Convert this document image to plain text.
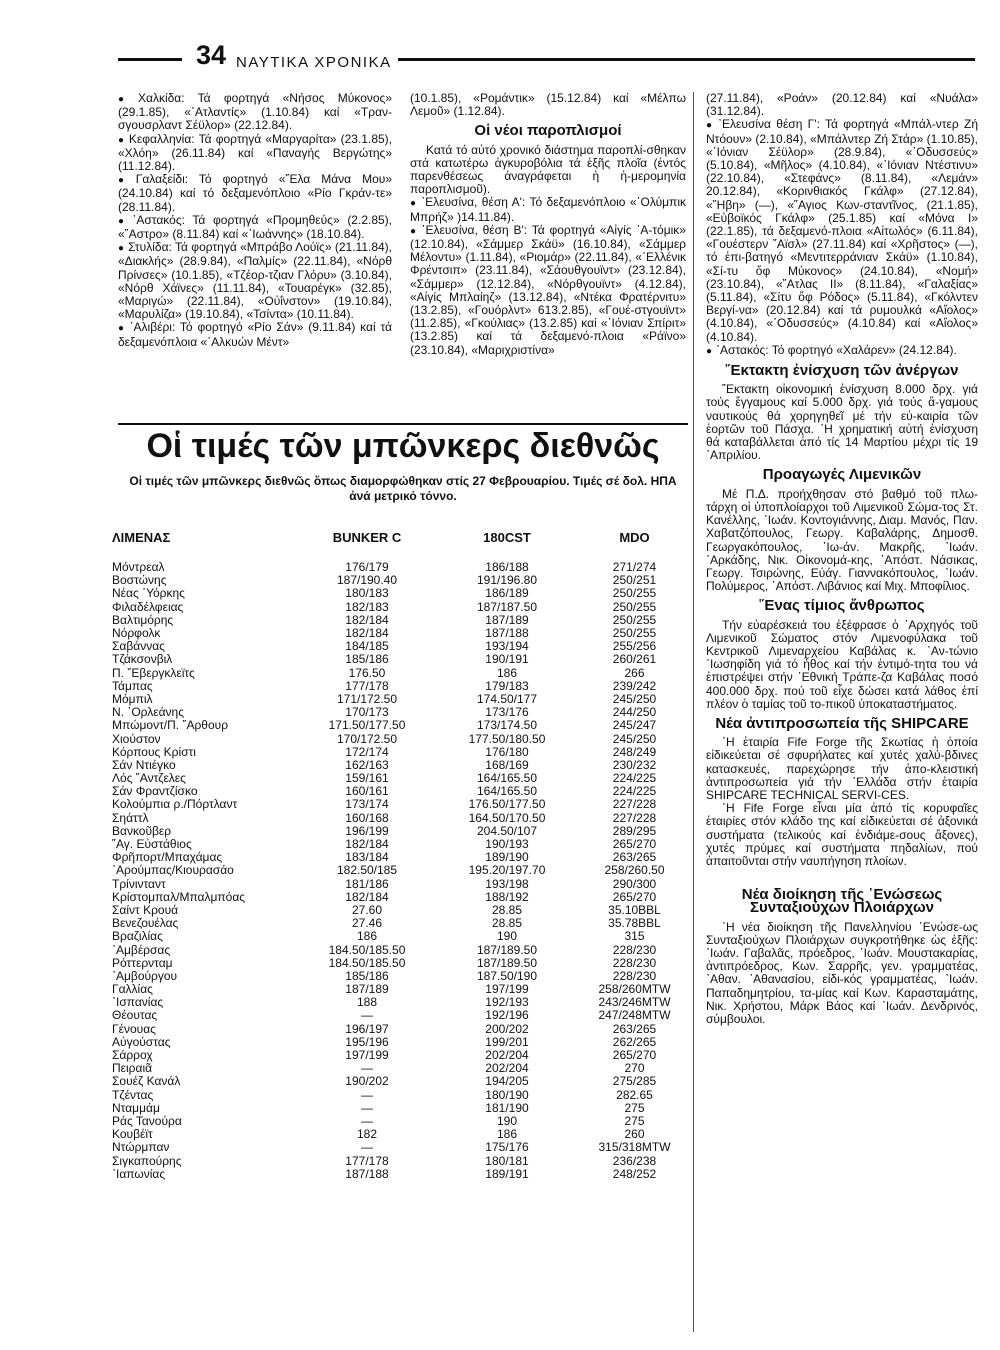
34 ΝΑΥΤΙΚΑ ΧΡΟΝΙΚΑ

● Χαλκίδα: Τά φορτηγά «Νήσος Μύκονος» (29.1.85), «᾿Ατλαντίς» (1.10.84) καί «Τραν-σγουσρλαντ Σέϋλορ» (22.12.84).

● Κεφαλληνία: Τά φορτηγά «Μαργαρίτα» (23.1.85), «Χλόη» (26.11.84) καί «Παναγής Βεργώτης» (11.12.84).

● Γαλαξείδι: Τό φορτηγό «῎Ελα Μάνα Μου» (24.10.84) καί τό δεξαμενόπλοιο «Ρίο Γκράν-τε» (28.11.84).

● ᾿Αστακός: Τά φορτηγά «Προμηθεύς» (2.2.85), «῎Αστρο» (8.11.84) καί «᾿Ιωάννης» (18.10.84).

● Στυλίδα: Τά φορτηγά «Μπράβο Λούϊς» (21.11.84), «Διακλής» (28.9.84), «Παλμίς» (22.11.84), «Νόρθ Πρίνσες» (10.1.85), «Τζέορ-τζιαν Γλόρυ» (3.10.84), «Νόρθ Χάϊνες» (11.11.84), «Τουαρέγκ» (32.85), «Μαριγώ» (22.11.84), «Οὐΐνστον» (19.10.84), «Μαρυλίζα» (19.10.84), «Τσίντα» (10.11.84).

● ᾿Αλιβέρι: Τό φορτηγό «Ρίο Σάν» (9.11.84) καί τά δεξαμενόπλοια «᾿Αλκυών Μέντ»

(10.1.85), «Ρομάντικ» (15.12.84) καί «Μέλπω Λεμοῦ» (1.12.84).

Οἱ νέοι παροπλισμοί

Κατά τό αὐτό χρονικό διάστημα παροπλί-σθηκαν στά κατωτέρω ἀγκυροβόλια τά ἑξῆς πλοῖα (ἐντός παρενθέσεως ἀναγράφεται ἡ ἡ-μερομηνία παροπλισμοῦ).

● ᾿Ελευσίνα, θέση Α': Τό δεξαμενόπλοιο «᾿Ολύμπικ Μπρήζ» )14.11.84).

● ᾿Ελευσίνα, θέση Β': Τά φορτηγά «Αἰγίς ᾿Α-τόμικ» (12.10.84), «Σάμμερ Σκάϋ» (16.10.84), «Σάμμερ Μέλοντυ» (1.11.84), «Ριομάρ» (22.11.84), «᾿Ελλένικ Φρέντσιπ» (23.11.84), «Σάουθγουϊντ» (23.12.84), «Σάμμερ» (12.12.84), «Νόρθγουϊντ» (4.12.84), «Αἰγίς Μπλαίηζ» (13.12.84), «Ντέκα Φρατέρνιτυ» (13.2.85), «Γουόρλντ» 613.2.85), «Γουέ-στγουϊντ» (11.2.85), «Γκούλιας» (13.2.85) καί «᾿Ιόνιαν Σπίριτ» (13.2.85) καί τά δεξαμενό-πλοια «Ράϊνο» (23.10.84), «Μαριχριστίνα»

(27.11.84), «Ροάν» (20.12.84) καί «Νυάλα» (31.12.84).

● ᾿Ελευσίνα θέση Γ': Τά φορτηγά «Μπάλ-ντερ Ζή Ντόουν» (2.10.84), «Μπάλντερ Ζή Στάρ» (1.10.85), «᾿Ιόνιαν Σέϋλορ» (28.9.84), «᾿Οδυσσεύς» (5.10.84), «Μῆλος» (4.10.84), «᾿Ιόνιαν Ντέστινυ» (22.10.84), «Στεφάνς» (8.11.84), «Λεμάν» 20.12.84), «Κορινθιακός Γκάλφ» (27.12.84), «῞Ηβη» (—), «῞Αγιος Κων-σταντῖνος, (21.1.85), «Εὐβοϊκός Γκάλφ» (25.1.85) καί «Μόνα Ι» (22.1.85), τά δεξαμενό-πλοια «Αἰτωλός» (6.11.84), «Γουέστερν ῎Αϊσλ» (27.11.84) καί «Χρῆστος» (—), τό ἐπι-βατηγό «Μεντιτερράνιαν Σκάϋ» (1.10.84), «Σί-τυ ὄφ Μύκονος» (24.10.84), «Νομή» (23.10.84), «῎Ατλας ΙΙ» (8.11.84), «Γαλαξίας» (5.11.84), «Σίτυ ὄφ Ρόδος» (5.11.84), «Γκόλντεν Βεργί-να» (20.12.84) καί τά ρυμουλκά «Αἴολος» (4.10.84), «᾿Οδυσσεύς» (4.10.84) καί «Αἴολος» (4.10.84).

● ᾿Αστακός: Τό φορτηγό «Χαλάρεν» (24.12.84).

῎Εκτακτη ἐνίσχυση τῶν ἀνέργων

῎Εκτακτη οἰκονομική ἐνίσχυση 8.000 δρχ. γιά τούς ἔγγαμους καί 5.000 δρχ. γιά τούς ἄ-γαμους ναυτικούς θά χορηγηθεῖ μέ τήν εὐ-καιρία τῶν ἑορτῶν τοῦ Πάσχα. ῾Η χρηματική αὐτή ἐνίσχυση θά καταβάλλεται ἀπό τίς 14 Μαρτίου μέχρι τίς 19 ᾿Απριλίου.

Προαγωγές Λιμενικῶν

Μέ Π.Δ. προήχθησαν στό βαθμό τοῦ πλω-τάρχη οἱ ὑποπλοίαρχοι τοῦ Λιμενικοῦ Σώμα-τος Στ. Κανέλλης, ᾿Ιωάν. Κοντογιάννης, Διαμ. Μανός, Παν. Χαβατζόπουλος, Γεωργ. Καβαλάρης, Δημοσθ. Γεωργακόπουλος, ᾿Ιω-άν. Μακρῆς, ᾿Ιωάν. ᾿Αρκάδης, Νικ. Οἰκονομά-κης, ᾿Απόστ. Νάσικας, Γεωργ. Τσιρώνης, Εὐάγ. Γιαννακόπουλος, ᾿Ιωάν. Πολύμερος, ᾿Απόστ. Λιβάνιος καί Μιχ. Μποφίλιος.

῞Ενας τίμιος ἄνθρωπος

Τήν εὐαρέσκειά του ἐξέφρασε ὁ ᾿Αρχηγός τοῦ Λιμενικοῦ Σώματος στόν Λιμενοφύλακα τοῦ Κεντρικοῦ Λιμεναρχείου Καβάλας κ. ᾿Αν-τώνιο ᾿Ιωσηφίδη γιά τό ἦθος καί τήν ἐντιμό-τητα του νά ἐπιστρέψει στήν ᾿Εθνική Τράπε-ζα Καβάλας ποσό 400.000 δρχ. πού τοῦ εἶχε δώσει κατά λάθος ἐπί πλέον ὁ ταμίας τοῦ το-πικοῦ ὑποκαταστήματος.

Νέα ἀντιπροσωπεία τῆς SHIPCARE

῾Η ἑταιρία Fife Forge τῆς Σκωτίας ἡ ὁποία εἰδικεύεται σέ σφυρήλατες καί χυτές χαλύ-βδινες κατασκευές, παρεχώρησε τήν ἀπο-κλειστική ἀντιπροσωπεία γιά τήν ᾿Ελλάδα στήν ἑταιρία SHIPCARE TECHNICAL SERVI-CES.

῾Η Fife Forge εἶναι μία ἀπό τίς κορυφαῖες ἑταιρίες στόν κλάδο της καί εἰδικεύεται σέ ἀξονικά συστήματα (τελικούς καί ἐνδιάμε-σους ἄξονες), χυτές πρύμες καί συστήματα πηδαλίων, πού ἀπαιτοῦνται στήν ναυπήγηση πλοίων.

Νέα διοίκηση τῆς ῾Ενώσεως Συνταξιούχων Πλοιάρχων

῾Η νέα διοίκηση τῆς Πανελληνίου ῾Ενώσε-ως Συνταξιούχων Πλοιάρχων συγκροτήθηκε ὡς ἑξῆς: ᾿Ιωάν. Γαβαλᾶς, πρόεδρος, ᾿Ιωάν. Μουστακαρίας, ἀντιπρόεδρος, Κων. Σαρρῆς, γεν. γραμματέας, ᾿Αθαν. ᾿Αθανασίου, εἰδι-κός γραμματέας, ᾿Ιωάν. Παπαδημητρίου, τα-μίας καί Κων. Καρασταμάτης, Νικ. Χρήστου, Μάρκ Βάος καί ᾿Ιωάν. Δενδρινός, σύμβουλοι.

Οἱ τιμές τῶν μπῶνκερς διεθνῶς
Οἱ τιμές τῶν μπῶνκερς διεθνῶς ὅπως διαμορφώθηκαν στίς 27 Φεβρουαρίου. Τιμές σέ δολ. ΗΠΑ ἀνά μετρικό τόννο.
ΛΙΜΕΝΑΣ	BUNKER C	180CST	MDO
Μόντρεαλ	176/179	186/188	271/274
Βοστώνης	187/190.40	191/196.80	250/251
Νέας ῾Υόρκης	180/183	186/189	250/255
Φιλαδέλφειας	182/183	187/187.50	250/255
Βαλτιμόρης	182/184	187/189	250/255
Νόρφολκ	182/184	187/188	250/255
Σαβάννας	184/185	193/194	255/256
Τζάκσονβιλ	185/186	190/191	260/261
Π. ῎Εβεργκλεϊτς	176.50	186	266
Τάμπας	177/178	179/183	239/242
Μόμπιλ	171/172.50	174.50/177	245/250
Ν. ᾿Ορλεάνης	170/173	173/176	244/250
Μπώμοντ/Π. ῎Αρθουρ	171.50/177.50	173/174.50	245/247
Χιούστον	170/172.50	177.50/180.50	245/250
Κόρπους Κρίστι	172/174	176/180	248/249
Σάν Ντιέγκο	162/163	168/169	230/232
Λός ῎Αντζελες	159/161	164/165.50	224/225
Σάν Φραντζίσκο	160/161	164/165.50	224/225
Κολούμπια ρ./Πόρτλαντ	173/174	176.50/177.50	227/228
Σηάττλ	160/168	164.50/170.50	227/228
Βανκοῦβερ	196/199	204.50/107	289/295
῞Αγ. Εὐστάθιος	182/184	190/193	265/270
Φρῆπορτ/Μπαχάμας	183/184	189/190	263/265
᾿Αρούμπας/Κιουρασάο	182.50/185	195.20/197.70	258/260.50
Τρίνινταντ	181/186	193/198	290/300
Κρίστομπαλ/Μπαλμπόας	182/184	188/192	265/270
Σαίντ Κρουά	27.60	28.85	35.10BBL
Βενεζουέλας	27.46	28.85	35.78BBL
Βραζιλίας	186	190	315
᾿Αμβέρσας	184.50/185.50	187/189.50	228/230
Ρόττερνταμ	184.50/185.50	187/189.50	228/230
᾿Αμβούργου	185/186	187.50/190	228/230
Γαλλίας	187/189	197/199	258/260MTW
᾿Ισπανίας	188	192/193	243/246MTW
Θέουτας	—	192/196	247/248MTW
Γένουας	196/197	200/202	263/265
Αὐγούστας	195/196	199/201	262/265
Σάρροχ	197/199	202/204	265/270
Πειραιᾶ	—	202/204	270
Σουέζ Κανάλ	190/202	194/205	275/285
Τζέντας	—	180/190	282.65
Νταμμάμ	—	181/190	275
Ράς Τανούρα	—	190	275
Κουβέϊτ	182	186	260
Ντώρμπαν	—	175/176	315/318MTW
Σιγκαπούρης	177/178	180/181	236/238
᾿Ιαπωνίας	187/188	189/191	248/252
